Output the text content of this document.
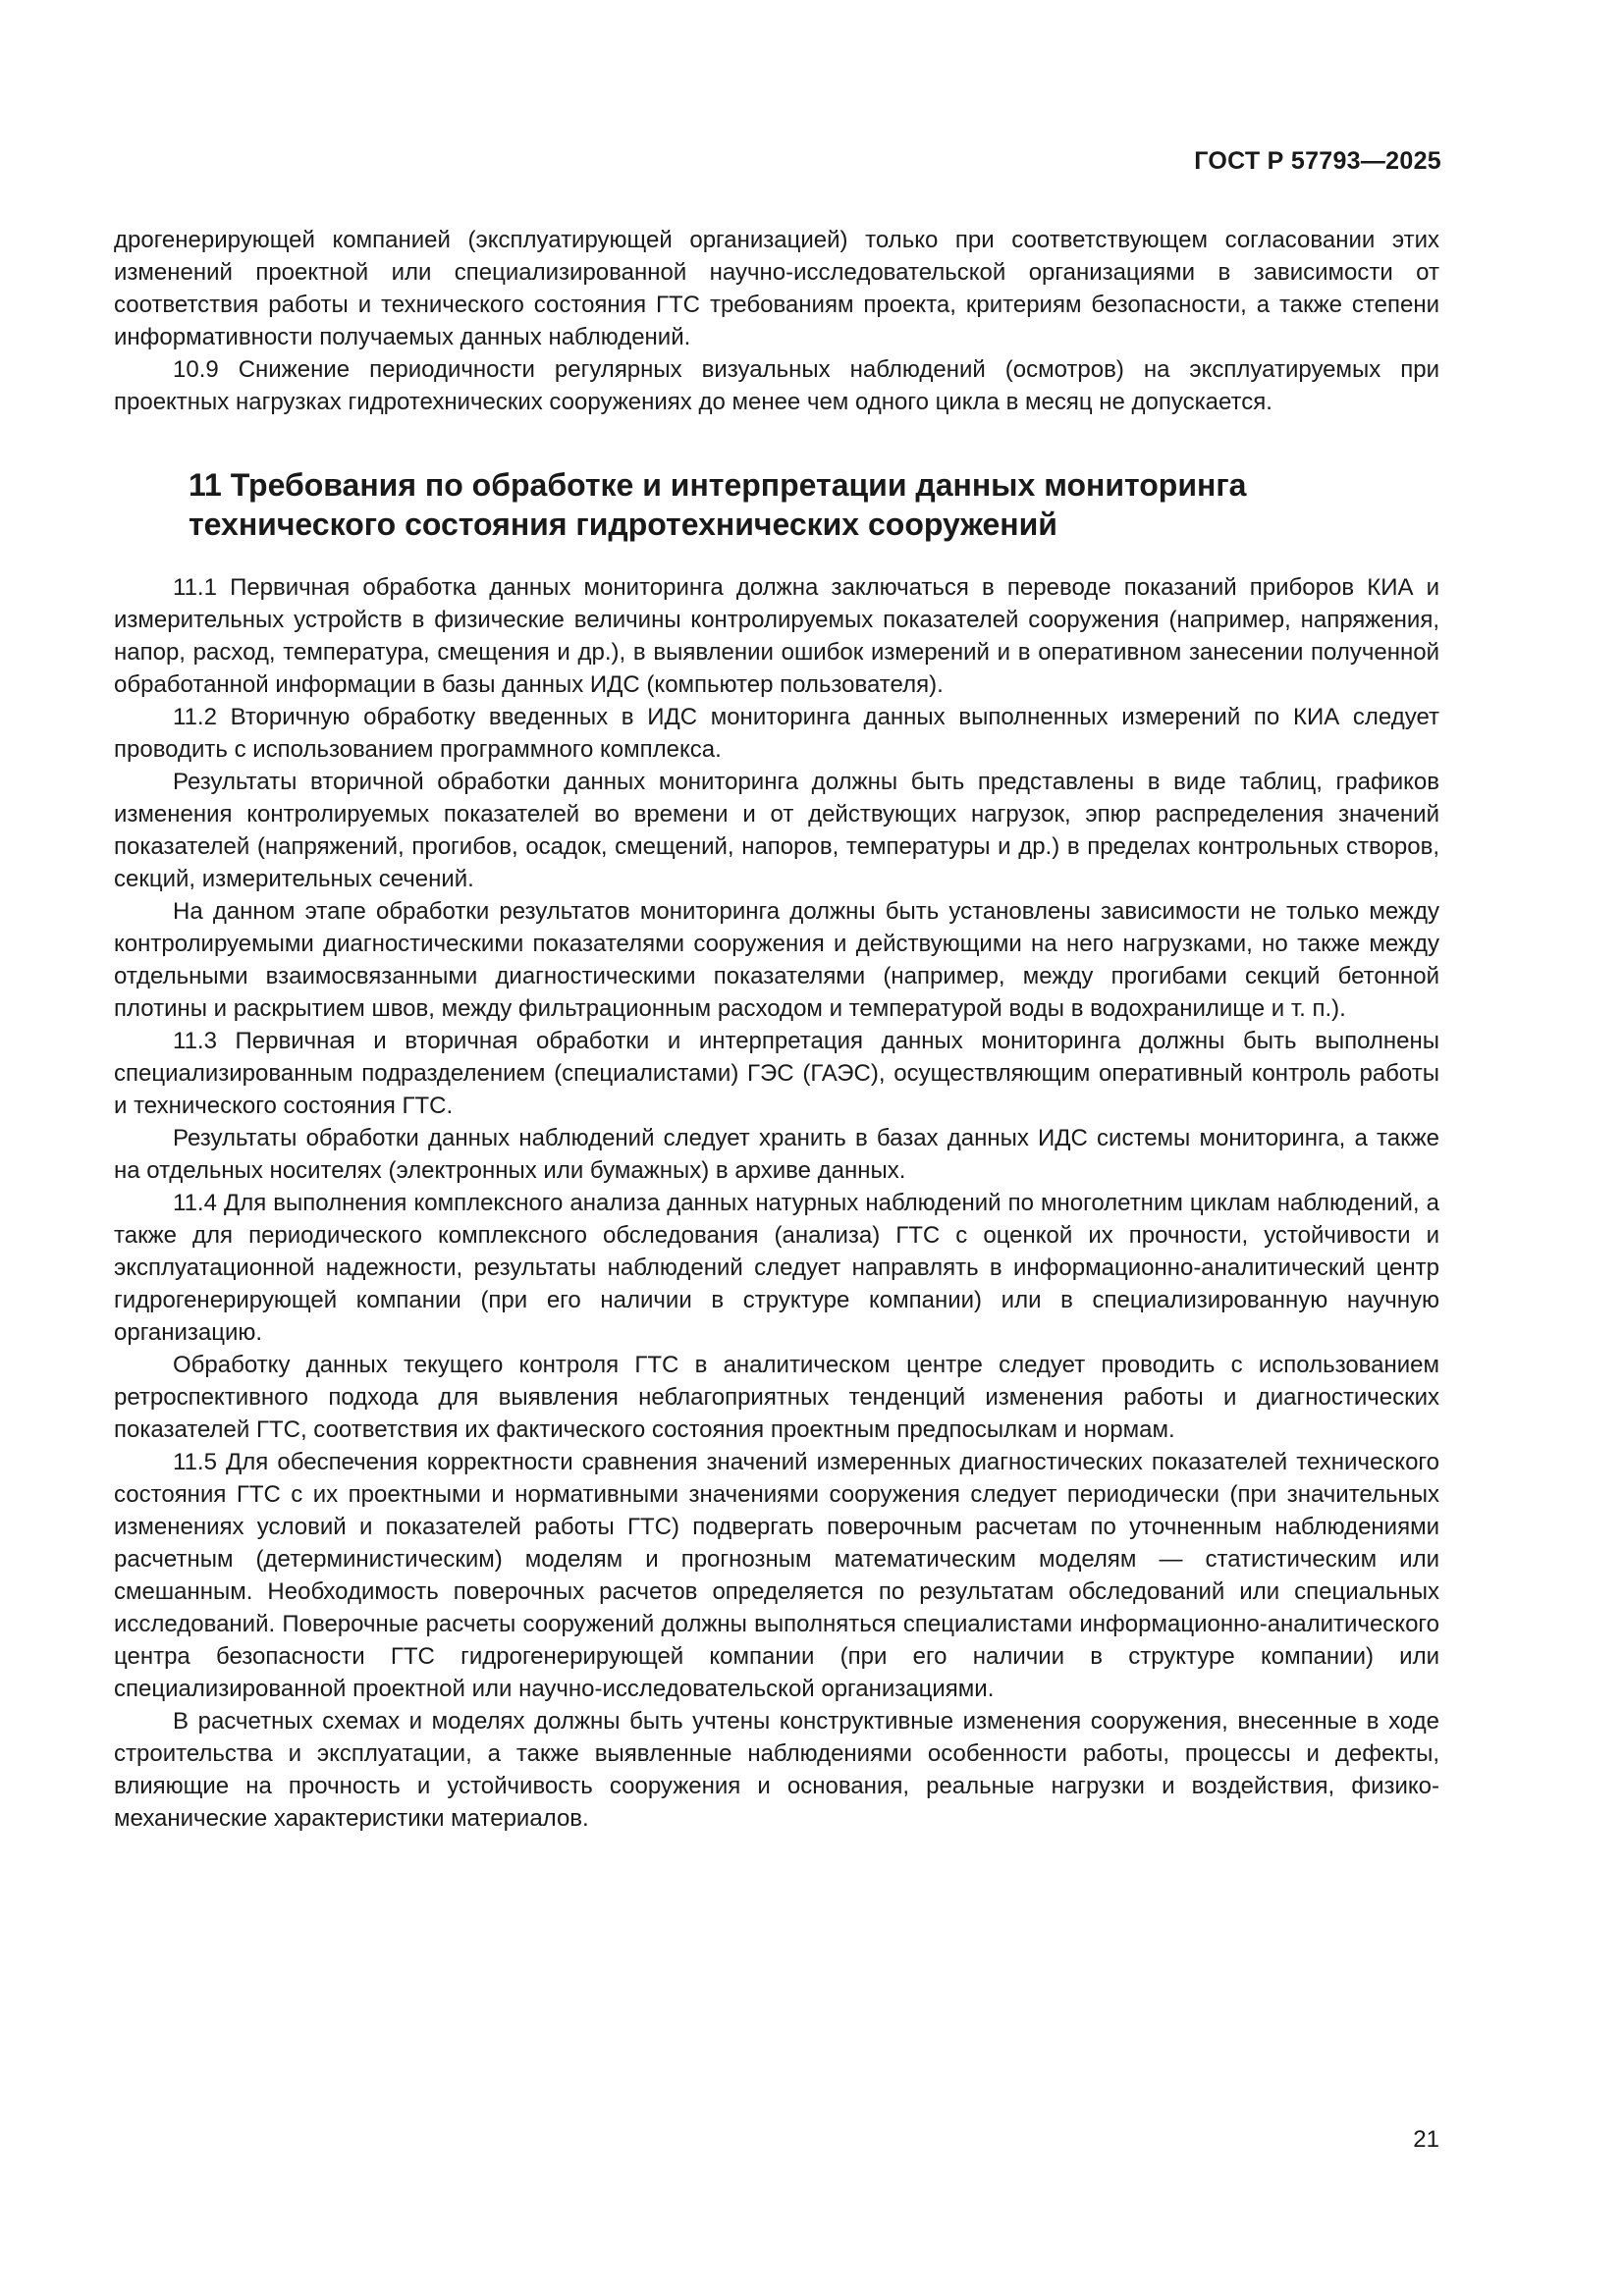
ГОСТ Р 57793—2025

дрогенерирующей компанией (эксплуатирующей организацией) только при соответствующем согласовании этих изменений проектной или специализированной научно-исследовательской организациями в зависимости от соответствия работы и технического состояния ГТС требованиям проекта, критериям безопасности, а также степени информативности получаемых данных наблюдений.

10.9 Снижение периодичности регулярных визуальных наблюдений (осмотров) на эксплуатируемых при проектных нагрузках гидротехнических сооружениях до менее чем одного цикла в месяц не допускается.

11 Требования по обработке и интерпретации данных мониторинга технического состояния гидротехнических сооружений

11.1 Первичная обработка данных мониторинга должна заключаться в переводе показаний приборов КИА и измерительных устройств в физические величины контролируемых показателей сооружения (например, напряжения, напор, расход, температура, смещения и др.), в выявлении ошибок измерений и в оперативном занесении полученной обработанной информации в базы данных ИДС (компьютер пользователя).

11.2 Вторичную обработку введенных в ИДС мониторинга данных выполненных измерений по КИА следует проводить с использованием программного комплекса.

Результаты вторичной обработки данных мониторинга должны быть представлены в виде таблиц, графиков изменения контролируемых показателей во времени и от действующих нагрузок, эпюр распределения значений показателей (напряжений, прогибов, осадок, смещений, напоров, температуры и др.) в пределах контрольных створов, секций, измерительных сечений.

На данном этапе обработки результатов мониторинга должны быть установлены зависимости не только между контролируемыми диагностическими показателями сооружения и действующими на него нагрузками, но также между отдельными взаимосвязанными диагностическими показателями (например, между прогибами секций бетонной плотины и раскрытием швов, между фильтрационным расходом и температурой воды в водохранилище и т. п.).

11.3 Первичная и вторичная обработки и интерпретация данных мониторинга должны быть выполнены специализированным подразделением (специалистами) ГЭС (ГАЭС), осуществляющим оперативный контроль работы и технического состояния ГТС.

Результаты обработки данных наблюдений следует хранить в базах данных ИДС системы мониторинга, а также на отдельных носителях (электронных или бумажных) в архиве данных.

11.4 Для выполнения комплексного анализа данных натурных наблюдений по многолетним циклам наблюдений, а также для периодического комплексного обследования (анализа) ГТС с оценкой их прочности, устойчивости и эксплуатационной надежности, результаты наблюдений следует направлять в информационно-аналитический центр гидрогенерирующей компании (при его наличии в структуре компании) или в специализированную научную организацию.

Обработку данных текущего контроля ГТС в аналитическом центре следует проводить с использованием ретроспективного подхода для выявления неблагоприятных тенденций изменения работы и диагностических показателей ГТС, соответствия их фактического состояния проектным предпосылкам и нормам.

11.5 Для обеспечения корректности сравнения значений измеренных диагностических показателей технического состояния ГТС с их проектными и нормативными значениями сооружения следует периодически (при значительных изменениях условий и показателей работы ГТС) подвергать поверочным расчетам по уточненным наблюдениями расчетным (детерминистическим) моделям и прогнозным математическим моделям — статистическим или смешанным. Необходимость поверочных расчетов определяется по результатам обследований или специальных исследований. Поверочные расчеты сооружений должны выполняться специалистами информационно-аналитического центра безопасности ГТС гидрогенерирующей компании (при его наличии в структуре компании) или специализированной проектной или научно-исследовательской организациями.

В расчетных схемах и моделях должны быть учтены конструктивные изменения сооружения, внесенные в ходе строительства и эксплуатации, а также выявленные наблюдениями особенности работы, процессы и дефекты, влияющие на прочность и устойчивость сооружения и основания, реальные нагрузки и воздействия, физико-механические характеристики материалов.

21
